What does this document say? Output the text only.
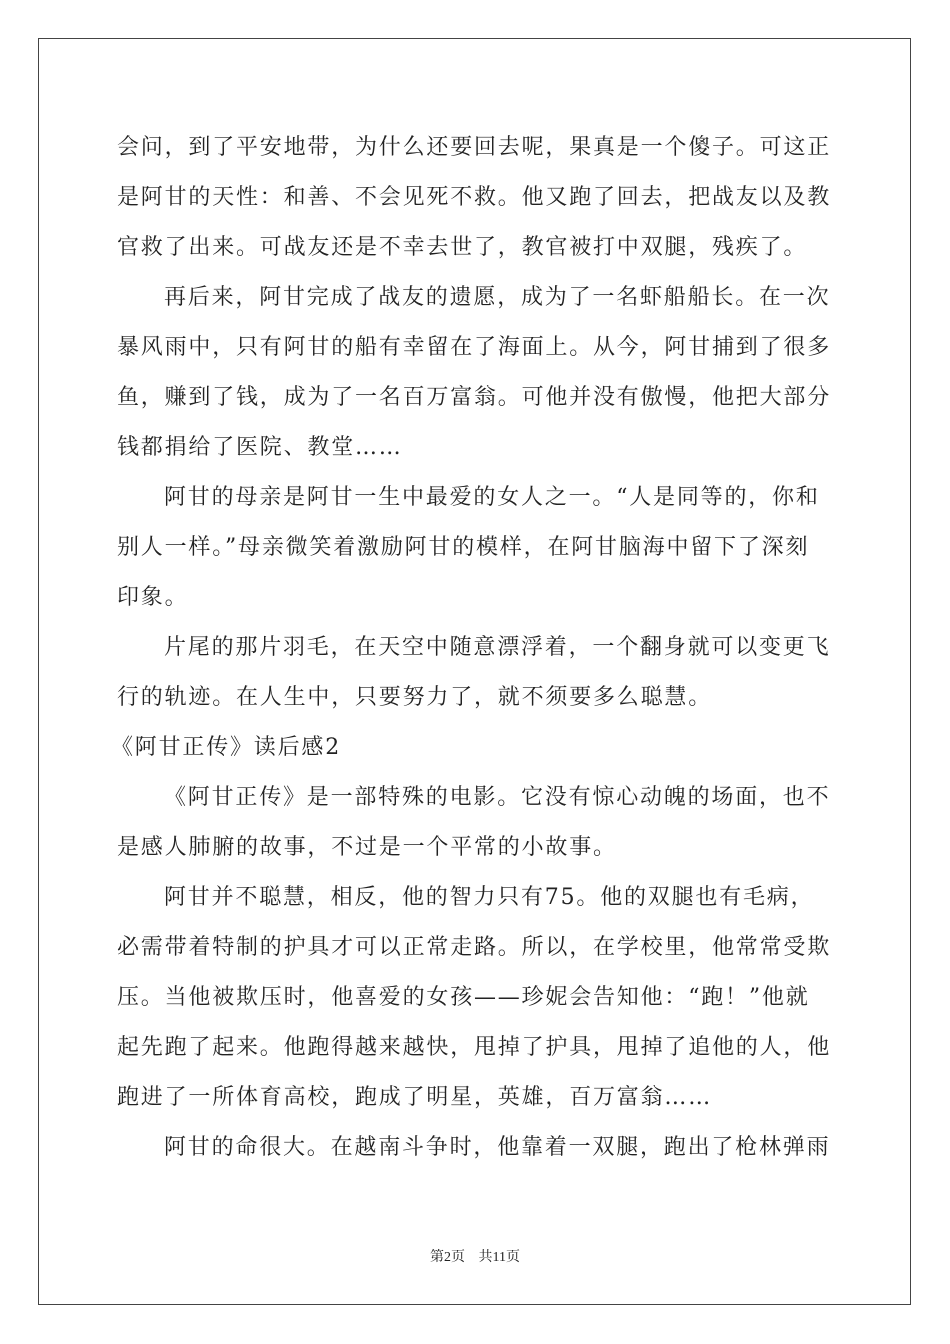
会问，到了平安地带，为什么还要回去呢，果真是一个傻子。可这正
是阿甘的天性：和善、不会见死不救。他又跑了回去，把战友以及教
官救了出来。可战友还是不幸去世了，教官被打中双腿，残疾了。
再后来，阿甘完成了战友的遗愿，成为了一名虾船船长。在一次
暴风雨中，只有阿甘的船有幸留在了海面上。从今，阿甘捕到了很多
鱼，赚到了钱，成为了一名百万富翁。可他并没有傲慢，他把大部分
钱都捐给了医院、教堂……
阿甘的母亲是阿甘一生中最爱的女人之一。“人是同等的，你和
别人一样。”母亲微笑着激励阿甘的模样，在阿甘脑海中留下了深刻
印象。
片尾的那片羽毛，在天空中随意漂浮着，一个翻身就可以变更飞
行的轨迹。在人生中，只要努力了，就不须要多么聪慧。
《阿甘正传》读后感2
《阿甘正传》是一部特殊的电影。它没有惊心动魄的场面，也不
是感人肺腑的故事，不过是一个平常的小故事。
阿甘并不聪慧，相反，他的智力只有75。他的双腿也有毛病，
必需带着特制的护具才可以正常走路。所以，在学校里，他常常受欺
压。当他被欺压时，他喜爱的女孩——珍妮会告知他：“跑！”他就
起先跑了起来。他跑得越来越快，甩掉了护具，甩掉了追他的人，他
跑进了一所体育高校，跑成了明星，英雄，百万富翁……
阿甘的命很大。在越南斗争时，他靠着一双腿，跑出了枪林弹雨
第2页 共11页
